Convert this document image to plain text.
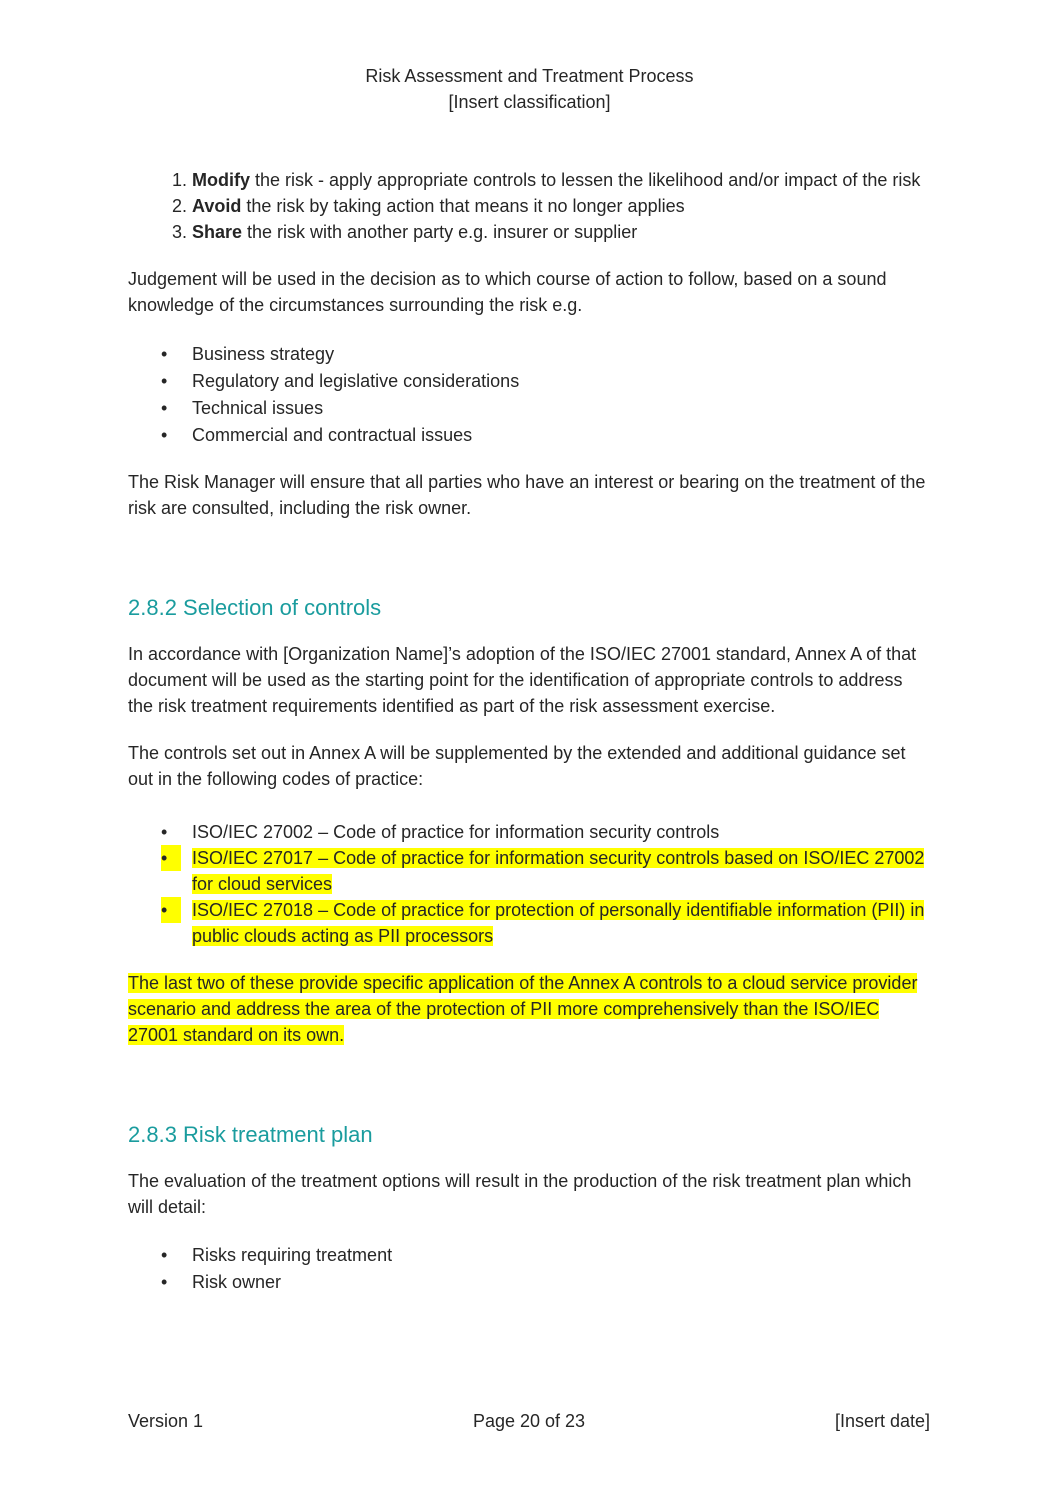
Risk Assessment and Treatment Process
[Insert classification]
1. Modify the risk - apply appropriate controls to lessen the likelihood and/or impact of the risk
2. Avoid the risk by taking action that means it no longer applies
3. Share the risk with another party e.g. insurer or supplier

Judgement will be used in the decision as to which course of action to follow, based on a sound knowledge of the circumstances surrounding the risk e.g.

•	Business strategy
•	Regulatory and legislative considerations
•	Technical issues
•	Commercial and contractual issues

The Risk Manager will ensure that all parties who have an interest or bearing on the treatment of the risk are consulted, including the risk owner.

2.8.2 Selection of controls

In accordance with [Organization Name]’s adoption of the ISO/IEC 27001 standard, Annex A of that document will be used as the starting point for the identification of appropriate controls to address the risk treatment requirements identified as part of the risk assessment exercise.

The controls set out in Annex A will be supplemented by the extended and additional guidance set out in the following codes of practice:

•	ISO/IEC 27002 – Code of practice for information security controls
•	ISO/IEC 27017 – Code of practice for information security controls based on ISO/IEC 27002 for cloud services
•	ISO/IEC 27018 – Code of practice for protection of personally identifiable information (PII) in public clouds acting as PII processors

The last two of these provide specific application of the Annex A controls to a cloud service provider scenario and address the area of the protection of PII more comprehensively than the ISO/IEC 27001 standard on its own.

2.8.3 Risk treatment plan

The evaluation of the treatment options will result in the production of the risk treatment plan which will detail:

•	Risks requiring treatment
•	Risk owner
Version 1	Page 20 of 23	[Insert date]
